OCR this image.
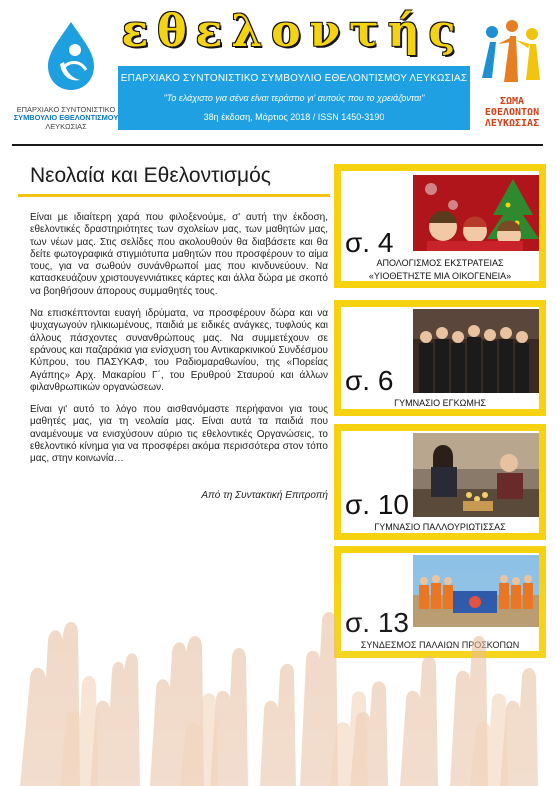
ΕΠΑΡΧΙΑΚΟ ΣΥΝΤΟΝΙΣΤΙΚΟ
ΣΥΜΒΟΥΛΙΟ ΕΘΕΛΟΝΤΙΣΜΟΥ
ΛΕΥΚΩΣΙΑΣ
εθελοντής
ΕΠΑΡΧΙΑΚΟ ΣΥΝΤΟΝΙΣΤΙΚΟ ΣΥΜΒΟΥΛΙΟ ΕΘΕΛΟΝΤΙΣΜΟΥ ΛΕΥΚΩΣΙΑΣ
"Το ελάχιστο για σένα είναι τεράστιο γι' αυτούς που το χρειάζονται"
38η έκδοση, Μάρτιος 2018 / ISSN 1450-3190
ΣΩΜΑ
ΕΘΕΛΟΝΤΩΝ
ΛΕΥΚΩΣΙΑΣ
Νεολαία και Εθελοντισμός

Είναι με ιδιαίτερη χαρά που φιλοξενούμε, σ' αυτή την έκδοση, εθελοντικές δραστηριότητες των σχολείων μας, των μαθητών μας, των νέων μας. Στις σελίδες που ακολουθούν θα διαβάσετε και θα δείτε φωτογραφικά στιγμιότυπα μαθητών που προσφέρουν το αίμα τους, για να σωθούν συνάνθρωποί μας που κινδυνεύουν. Να κατασκευάζουν χριστουγεννιάτικες κάρτες και άλλα δώρα με σκοπό να βοηθήσουν άπορους συμμαθητές τους.

Να επισκέπτονται ευαγή ιδρύματα, να προσφέρουν δώρα και να ψυχαγωγούν ηλικιωμένους, παιδιά με ειδικές ανάγκες, τυφλούς και άλλους πάσχοντες συνανθρώπους μας. Να συμμετέχουν σε εράνους και παζαράκια για ενίσχυση του Αντικαρκινικού Συνδέσμου Κύπρου, του ΠΑΣΥΚΑΦ, του Ραδιομαραθωνίου, της «Πορείας Αγάπης» Αρχ. Μακαρίου Γ΄, του Ερυθρού Σταυρού και άλλων φιλανθρωπικών οργανώσεων.

Είναι γι' αυτό το λόγο που αισθανόμαστε περήφανοι για τους μαθητές μας, για τη νεολαία μας. Είναι αυτά τα παιδιά που αναμένουμε να ενισχύσουν αύριο τις εθελοντικές Οργανώσεις, το εθελοντικό κίνημα για να προσφέρει ακόμα περισσότερα στον τόπο μας, στην κοινωνία…

Από τη Συντακτική Επιτροπή
σ. 4
ΑΠΟΛΟΓΙΣΜΟΣ ΕΚΣΤΡΑΤΕΙΑΣ
«ΥΙΟΘΕΤΗΣΤΕ ΜΙΑ ΟΙΚΟΓΕΝΕΙΑ»
σ. 6
ΓΥΜΝΑΣΙΟ ΕΓΚΩΜΗΣ
σ. 10
ΓΥΜΝΑΣΙΟ ΠΑΛΛΟΥΡΙΩΤΙΣΣΑΣ
